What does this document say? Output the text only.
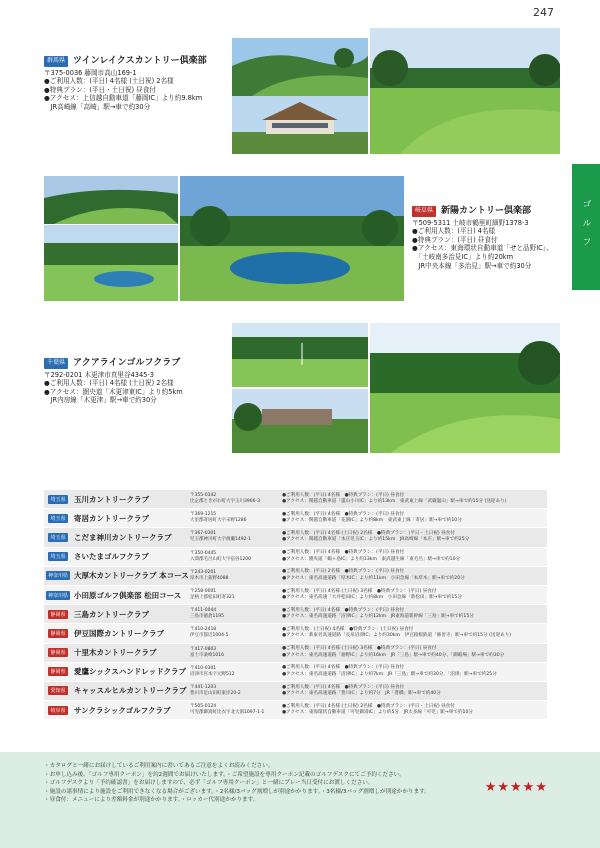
247
ゴルフ
群馬県 ツインレイクスカントリー倶楽部
〒375-0036 藤岡市高山169-1
●ご利用人数：(平日) 4名様 (土日祝) 2名様
●特典プラン：(平日・土日祝) 昼食付
●アクセス：上信越自動車道「藤岡IC」より約9.8km
　JR高崎線「高崎」駅→車で約30分
岐阜県 新陽カントリー倶楽部
〒509-5311 土岐市鶴里町細野1378-3
●ご利用人数：(平日) 4名様
●特典プラン：(平日) 昼食付
●アクセス：東海環状自動車道「せと品野IC」、
　「土岐南多治見IC」より約20km
　JR中央本線「多治見」駅→車で約30分
千葉県 アクアラインゴルフクラブ
〒292-0201 木更津市真里谷4345-3
●ご利用人数：(平日) 4名様 (土日祝) 2名様
●アクセス：圏央道「木更津東IC」より約5km
　JR内房線「木更津」駅→車で約30分
埼玉県 玉川カントリークラブ	〒355-0342
比企郡ときがわ町大字玉川3966-3
●ご利用人数：(平日) 4名様　●特典プラン：(平日) 昼食付
●アクセス：関越自動車道「嵐山小川IC」より約13km　東武東上線「武蔵嵐山」駅→車で約15分 (送迎あり)
埼玉県 寄居カントリークラブ	〒369-1215
大里郡寄居町大字末野1286
●ご利用人数：(平日) 4名様　●特典プラン：(平日) 昼食付
●アクセス：関越自動車道「花園IC」より約8km　東武東上線「寄居」駅→車で約10分
埼玉県 こだま神川カントリークラブ	〒367-0301
児玉郡神川町大字渡瀬1492-1
●ご利用人数：(平日) 4名様 (土日祝) 2名様　●特典プラン：(平日・土日祝) 昼食付
●アクセス：関越自動車道「本庄児玉IC」より約15km　JR高崎線「本庄」駅→車で約25分
埼玉県 さいたまゴルフクラブ	〒350-0445
入間郡毛呂山町大字宿谷1200
●ご利用人数：(平日) 4名様　●特典プラン：(平日) 昼食付
●アクセス：圏央道「鶴ヶ島IC」より約13km　東武越生線「東毛呂」駅→車で約10分
神奈川県 大厚木カントリークラブ 本コース 〒243-0201
厚木市上荻野4088
●ご利用人数：(平日) 2名様　●特典プラン：(平日) 昼食付
●アクセス：東名高速道路「厚木IC」より約11km　小田急線「本厚木」駅→車で約20分
神奈川県 小田原ゴルフ倶楽部 松田コース	〒258-0001
足柄上郡松田町寄321
●ご利用人数：(平日) 4名様 (土日祝) 3名様　●特典プラン：(平日) 昼食付
●アクセス：東名高速「大井松田IC」より約8km　小田急線「新松田」駅→車で約15分
静岡県 三島カントリークラブ	〒411-0044
三島市徳倉1195
●ご利用人数：(平日) 4名様　●特典プラン：(平日) 昼食付
●アクセス：東名高速道路「沼津IC」より約12km　JR東海道新幹線「三島」駅→車で約15分
静岡県 伊豆国際カントリークラブ	〒410-2418
伊豆市都辺1004-5
●ご利用人数：(土日祝) 4名様　●特典プラン：(土日祝) 昼食付
●アクセス：新東名高速道路「長泉沼津IC」より約30km　伊豆箱根鉄道「修善寺」駅→車で約15分 (送迎あり)
静岡県 十里木カントリークラブ	〒417-0803
富士市桑崎1016
●ご利用人数：(平日) 4名様 (土日祝) 3名様　●特典プラン：(平日) 昼食付
●アクセス：東名高速道路「裾野IC」より約16km　JR「三島」駅→車で約40分、「御殿場」駅→車で約30分
静岡県 愛鷹シックスハンドレッドクラブ 〒410-0301
沼津市宮本字元野512
●ご利用人数：(平日) 4名様　●特典プラン：(平日) 昼食付
●アクセス：東名高速道路「沼津IC」より約7km　JR「三島」駅→車で約30分、「沼津」駅→車で約25分
愛知県 キャッスルヒルカントリークラブ 〒441-1203
豊川市足山田町東岸20-2
●ご利用人数：(平日) 4名様　●特典プラン：(平日) 昼食付
●アクセス：東名高速道路「豊川IC」より約7分　JR「豊橋」駅→車で約40分
岐阜県 サンクラシックゴルフクラブ	〒505-0124
可児郡御嵩町比衣字北大洞1097-1-1
●ご利用人数：(平日) 4名様 (土日祝) 2名様　●特典プラン：(平日・土日祝) 昼食付
●アクセス：東海環状自動車道「可児御嵩IC」より約5分　JR太多線「可児」駅→車で約10分
・カタログと一緒にお届けしているご利用案内に書いてあるご注意をよくお読みください。
・お申し込み後、「ゴルフ専用クーポン」を約2週間でお届けいたします。・ご希望施設を専用クーポン記載のゴルフデスクにてご予約ください。
・ゴルフデスクより「予約確認書」をお届けしますので、必ず「ゴルフ専用クーポン」と一緒にプレー当日受付にお渡しください。
・施設の諸事情により施設をご利用できなくなる場合がございます。・2名様/3バッグ割増しが別途かかります。・3名様/3バッグ割増しが別途かかります。
・昼食付：メニューにより差額料金が別途かかります。・ロッカー代別途かかります。
★★★★★
